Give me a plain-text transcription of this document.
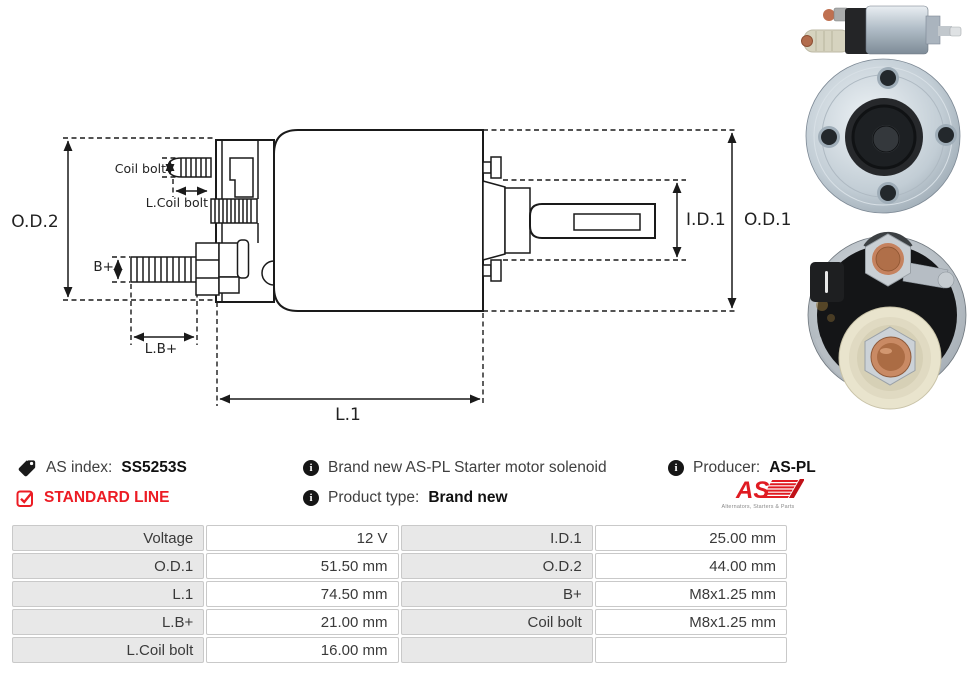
O.D.2
Coil bolt
L.Coil bolt
B+
L.B+
L.1
I.D.1 O.D.1
AS index: SS5253S
STANDARD LINE
i Brand new AS-PL Starter motor solenoid
i Product type: Brand new
i Producer: AS-PL
AS
Alternators, Starters & Parts
Voltage	12 V	I.D.1	25.00 mm
O.D.1	51.50 mm	O.D.2	44.00 mm
L.1	74.50 mm	B+	M8x1.25 mm
L.B+	21.00 mm	Coil bolt	M8x1.25 mm
L.Coil bolt	16.00 mm
